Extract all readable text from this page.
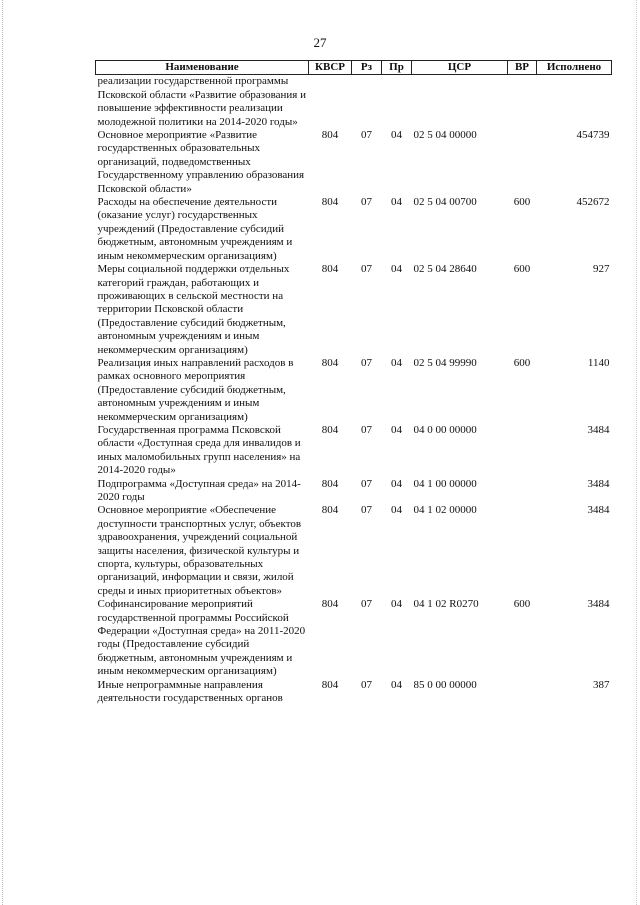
27
Наименование	КВСР	Рз	Пр	ЦСР	ВР	Исполнено
реализации государственной программы Псковской области «Развитие образования и повышение эффективности реализации молодежной политики на 2014-2020 годы»						
Основное мероприятие «Развитие государственных образовательных организаций, подведомственных Государственному управлению образования Псковской области»	804	07	04	02 5 04 00000		454739
Расходы на обеспечение деятельности (оказание услуг) государственных учреждений (Предоставление субсидий бюджетным, автономным учреждениям и иным некоммерческим организациям)	804	07	04	02 5 04 00700	600	452672
Меры социальной поддержки отдельных категорий граждан, работающих и проживающих в сельской местности на территории Псковской области (Предоставление субсидий бюджетным, автономным учреждениям и иным некоммерческим организациям)	804	07	04	02 5 04 28640	600	927
Реализация иных направлений расходов в рамках основного мероприятия (Предоставление субсидий бюджетным, автономным учреждениям и иным некоммерческим организациям)	804	07	04	02 5 04 99990	600	1140
Государственная программа Псковской области «Доступная среда для инвалидов и иных маломобильных групп населения» на 2014-2020 годы»	804	07	04	04 0 00 00000		3484
Подпрограмма «Доступная среда» на 2014-2020 годы	804	07	04	04 1 00 00000		3484
Основное мероприятие «Обеспечение доступности транспортных услуг, объектов здравоохранения, учреждений социальной защиты населения, физической культуры и спорта, культуры, образовательных организаций, информации и связи, жилой среды и иных приоритетных объектов»	804	07	04	04 1 02 00000		3484
Софинансирование мероприятий государственной программы Российской Федерации «Доступная среда» на 2011-2020 годы (Предоставление субсидий бюджетным, автономным учреждениям и иным некоммерческим организациям)	804	07	04	04 1 02 R0270	600	3484
Иные непрограммные направления деятельности государственных органов	804	07	04	85 0 00 00000		387
